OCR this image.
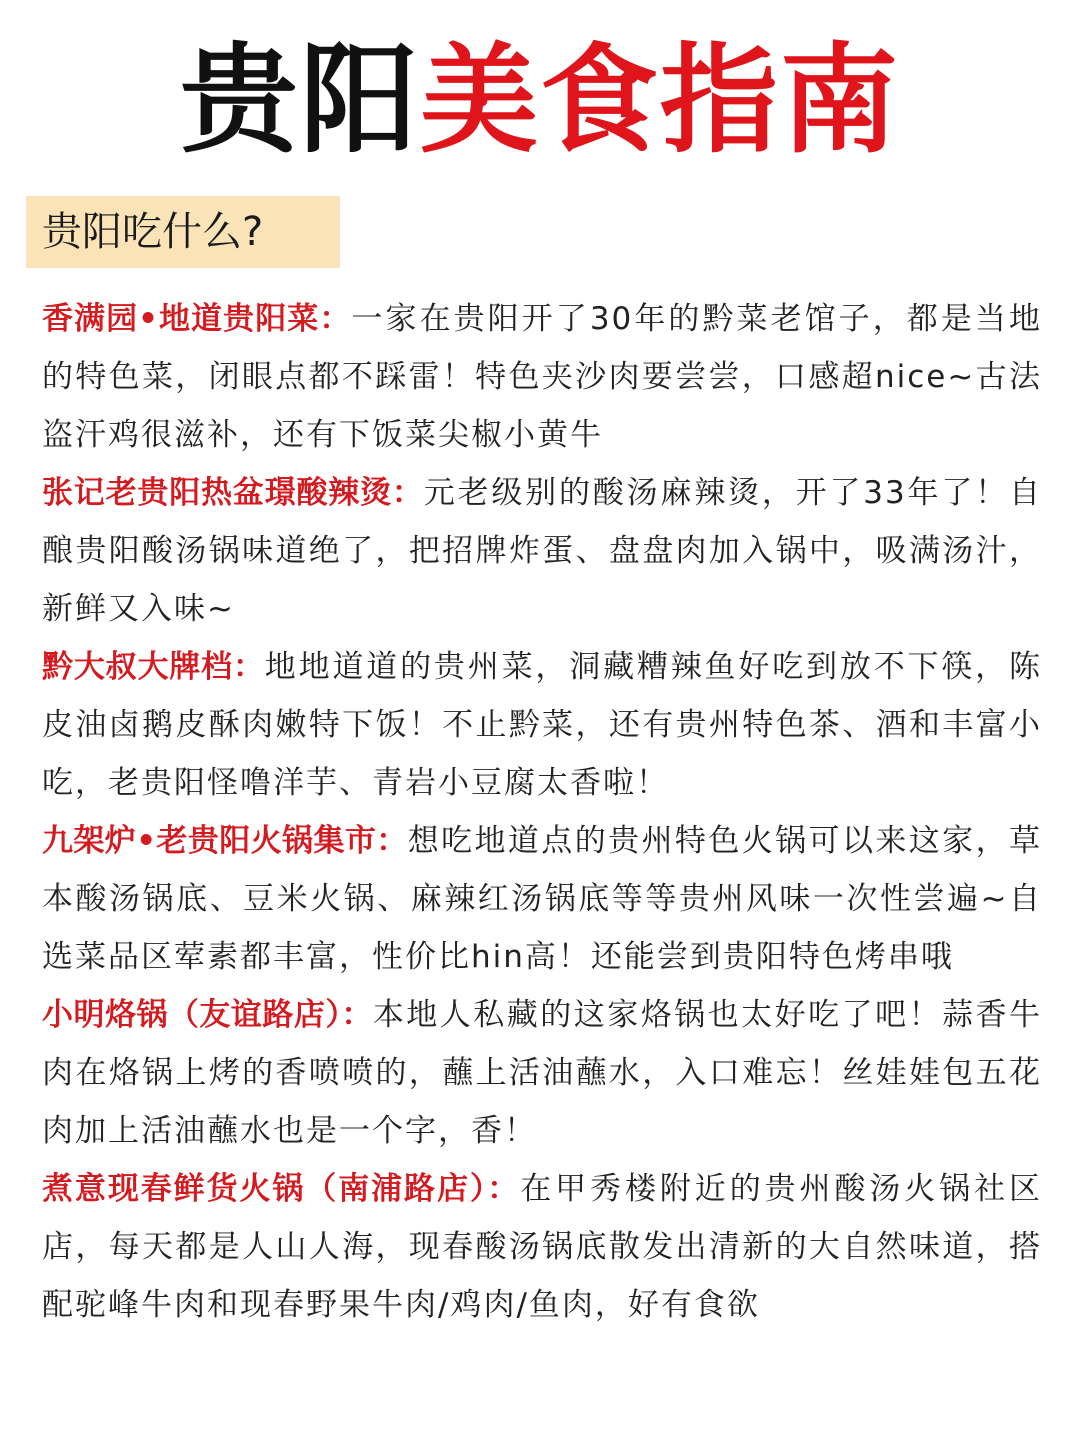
贵阳美食指南
贵阳吃什么?

香满园•地道贵阳菜：一家在贵阳开了30年的黔菜老馆子，都是当地的特色菜，闭眼点都不踩雷！特色夹沙肉要尝尝，口感超nice~古法盗汗鸡很滋补，还有下饭菜尖椒小黄牛

张记老贵阳热盆璟酸辣烫：元老级别的酸汤麻辣烫，开了33年了！自酿贵阳酸汤锅味道绝了，把招牌炸蛋、盘盘肉加入锅中，吸满汤汁，新鲜又入味~

黔大叔大牌档：地地道道的贵州菜，洞藏糟辣鱼好吃到放不下筷，陈皮油卤鹅皮酥肉嫩特下饭！不止黔菜，还有贵州特色茶、酒和丰富小吃，老贵阳怪噜洋芋、青岩小豆腐太香啦！

九架炉•老贵阳火锅集市：想吃地道点的贵州特色火锅可以来这家，草本酸汤锅底、豆米火锅、麻辣红汤锅底等等贵州风味一次性尝遍~自选菜品区荤素都丰富，性价比hin高！还能尝到贵阳特色烤串哦

小明烙锅（友谊路店）：本地人私藏的这家烙锅也太好吃了吧！蒜香牛肉在烙锅上烤的香喷喷的，蘸上活油蘸水，入口难忘！丝娃娃包五花肉加上活油蘸水也是一个字，香！

煮意现春鲜货火锅（南浦路店）：在甲秀楼附近的贵州酸汤火锅社区店，每天都是人山人海，现春酸汤锅底散发出清新的大自然味道，搭配驼峰牛肉和现春野果牛肉/鸡肉/鱼肉，好有食欲
